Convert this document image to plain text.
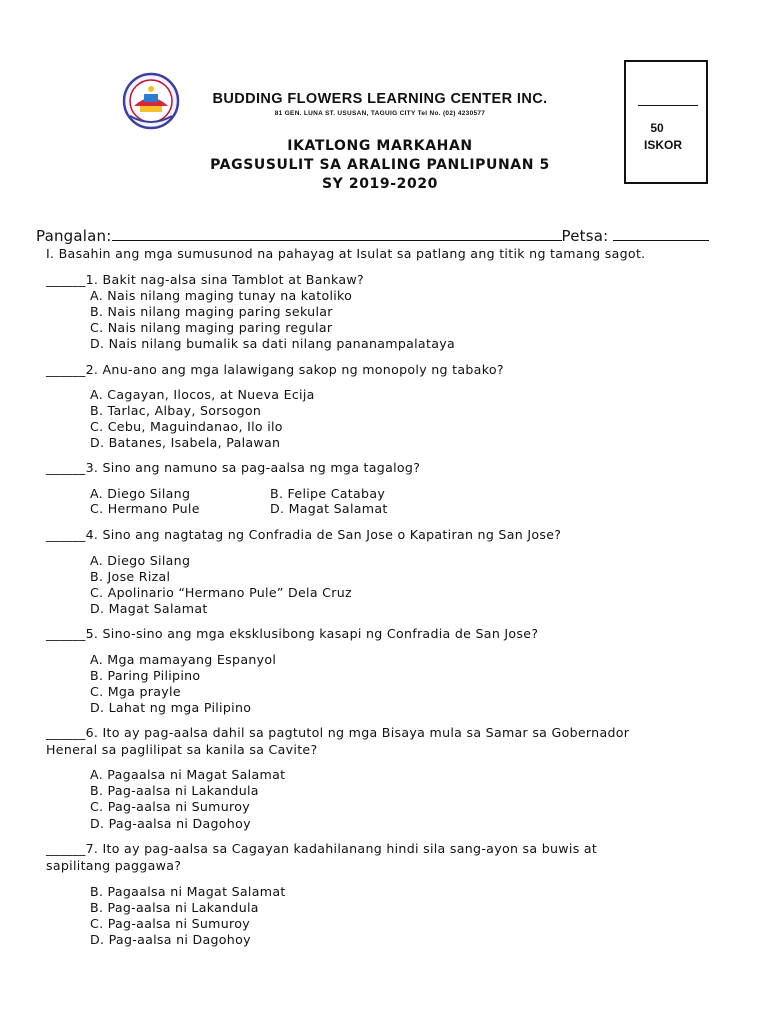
BUDDING FLOWERS LEARNING CENTER INC.
81 GEN. LUNA ST. USUSAN, TAGUIG CITY Tel No. (02) 4230577
IKATLONG MARKAHAN
PAGSUSULIT SA ARALING PANLIPUNAN 5
SY 2019-2020
50
ISKOR
Pangalan:	Petsa:
I. Basahin ang mga sumusunod na pahayag at Isulat sa patlang ang titik ng tamang sagot.
______1. Bakit nag-alsa sina Tamblot at Bankaw?
A. Nais nilang maging tunay na katoliko
B. Nais nilang maging paring sekular
C. Nais nilang maging paring regular
D. Nais nilang bumalik sa dati nilang pananampalataya
______2. Anu-ano ang mga lalawigang sakop ng monopoly ng tabako?
A. Cagayan, Ilocos, at Nueva Ecija
B. Tarlac, Albay, Sorsogon
C. Cebu, Maguindanao, Ilo ilo
D. Batanes, Isabela, Palawan
______3. Sino ang namuno sa pag-aalsa ng mga tagalog?
A. Diego Silang	B. Felipe Catabay
C. Hermano Pule	D. Magat Salamat
______4. Sino ang nagtatag ng Confradia de San Jose o Kapatiran ng San Jose?
A. Diego Silang
B. Jose Rizal
C. Apolinario “Hermano Pule” Dela Cruz
D. Magat Salamat
______5. Sino-sino ang mga eksklusibong kasapi ng Confradia de San Jose?
A. Mga mamayang Espanyol
B. Paring Pilipino
C. Mga prayle
D. Lahat ng mga Pilipino
______6. Ito ay pag-aalsa dahil sa pagtutol ng mga Bisaya mula sa Samar sa Gobernador
Heneral sa paglilipat sa kanila sa Cavite?
A. Pagaalsa ni Magat Salamat
B. Pag-aalsa ni Lakandula
C. Pag-aalsa ni Sumuroy
D. Pag-aalsa ni Dagohoy
______7. Ito ay pag-aalsa sa Cagayan kadahilanang hindi sila sang-ayon sa buwis at
sapilitang paggawa?
B. Pagaalsa ni Magat Salamat
B. Pag-aalsa ni Lakandula
C. Pag-aalsa ni Sumuroy
D. Pag-aalsa ni Dagohoy
